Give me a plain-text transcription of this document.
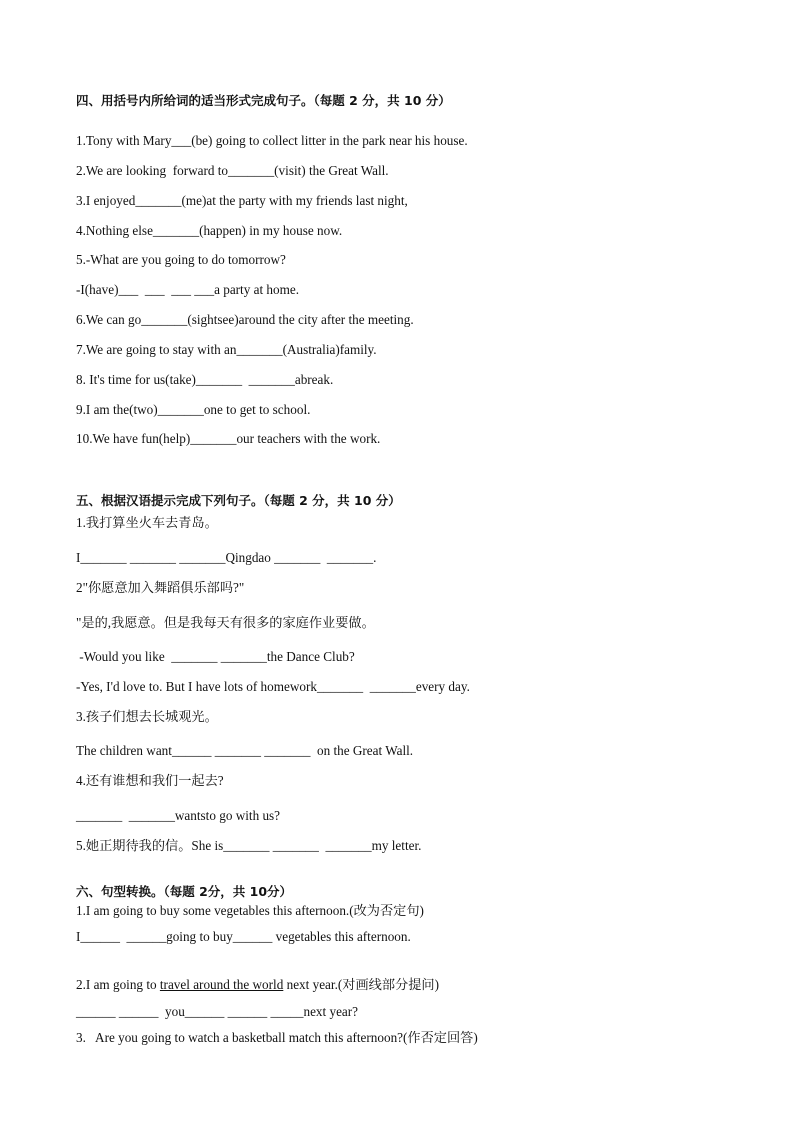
四、用括号内所给词的适当形式完成句子。（每题 2 分，共 10 分）
1.Tony with Mary___(be) going to collect litter in the park near his house.
2.We are looking  forward to_______(visit) the Great Wall.
3.I enjoyed_______(me)at the party with my friends last night,
4.Nothing else_______(happen) in my house now.
5.-What are you going to do tomorrow?
-I(have)___  ___  ___ ___a party at home.
6.We can go_______(sightsee)around the city after the meeting.
7.We are going to stay with an_______(Australia)family.
8. It's time for us(take)_______  _______abreak.
9.I am the(two)_______one to get to school.
10.We have fun(help)_______our teachers with the work.
五、根据汉语提示完成下列句子。（每题 2 分，共 10 分）
1.我打算坐火车去青岛。
I_______ _______ _______Qingdao _______  _______.
2"你愿意加入舞蹈俱乐部吗?"
"是的,我愿意。但是我每天有很多的家庭作业要做。
-Would you like  _______ _______the Dance Club?
-Yes, I'd love to. But I have lots of homework_______  _______every day.
3.孩子们想去长城观光。
The children want______ _______ _______  on the Great Wall.
4.还有谁想和我们一起去?
_______  _______wantsto go with us?
5.她正期待我的信。She is_______ _______  _______my letter.
六、句型转换。（每题 2分，共 10分）
1.I am going to buy some vegetables this afternoon.(改为否定句)
I______  ______going to buy______ vegetables this afternoon.
2.I am going to travel around the world next year.(对画线部分提问)
______ ______  you______ ______ _____next year?
3.   Are you going to watch a basketball match this afternoon?(作否定回答)
